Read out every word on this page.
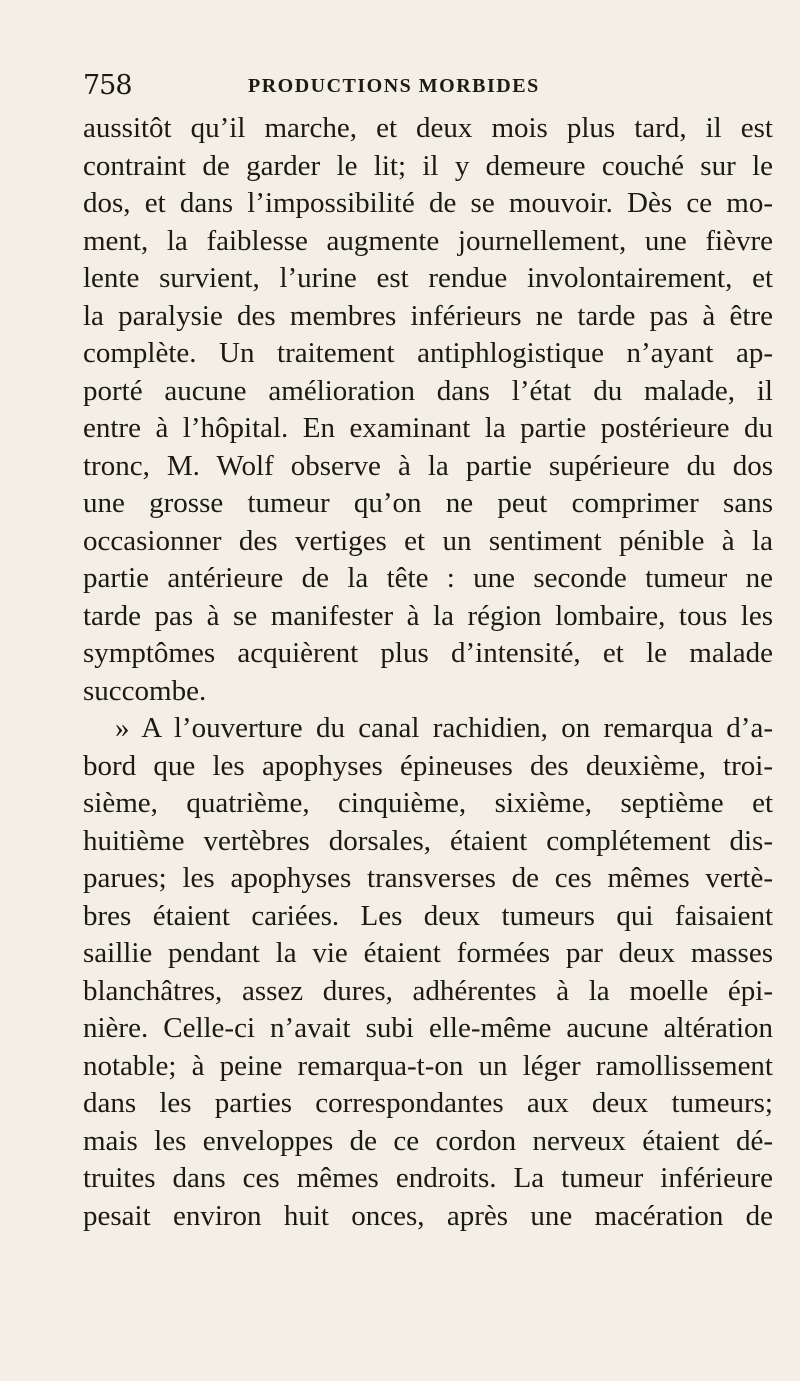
758	PRODUCTIONS MORBIDES
aussitôt qu’il marche, et deux mois plus tard, il est
contraint de garder le lit; il y demeure couché sur le
dos, et dans l’impossibilité de se mouvoir. Dès ce mo-
ment, la faiblesse augmente journellement, une fièvre
lente survient, l’urine est rendue involontairement, et
la paralysie des membres inférieurs ne tarde pas à être
complète. Un traitement antiphlogistique n’ayant ap-
porté aucune amélioration dans l’état du malade, il
entre à l’hôpital. En examinant la partie postérieure du
tronc, M. Wolf observe à la partie supérieure du dos
une grosse tumeur qu’on ne peut comprimer sans
occasionner des vertiges et un sentiment pénible à la
partie antérieure de la tête : une seconde tumeur ne
tarde pas à se manifester à la région lombaire, tous les
symptômes acquièrent plus d’intensité, et le malade
succombe.
» A l’ouverture du canal rachidien, on remarqua d’a-
bord que les apophyses épineuses des deuxième, troi-
sième, quatrième, cinquième, sixième, septième et
huitième vertèbres dorsales, étaient complétement dis-
parues; les apophyses transverses de ces mêmes vertè-
bres étaient cariées. Les deux tumeurs qui faisaient
saillie pendant la vie étaient formées par deux masses
blanchâtres, assez dures, adhérentes à la moelle épi-
nière. Celle-ci n’avait subi elle-même aucune altération
notable; à peine remarqua-t-on un léger ramollissement
dans les parties correspondantes aux deux tumeurs;
mais les enveloppes de ce cordon nerveux étaient dé-
truites dans ces mêmes endroits. La tumeur inférieure
pesait environ huit onces, après une macération de
